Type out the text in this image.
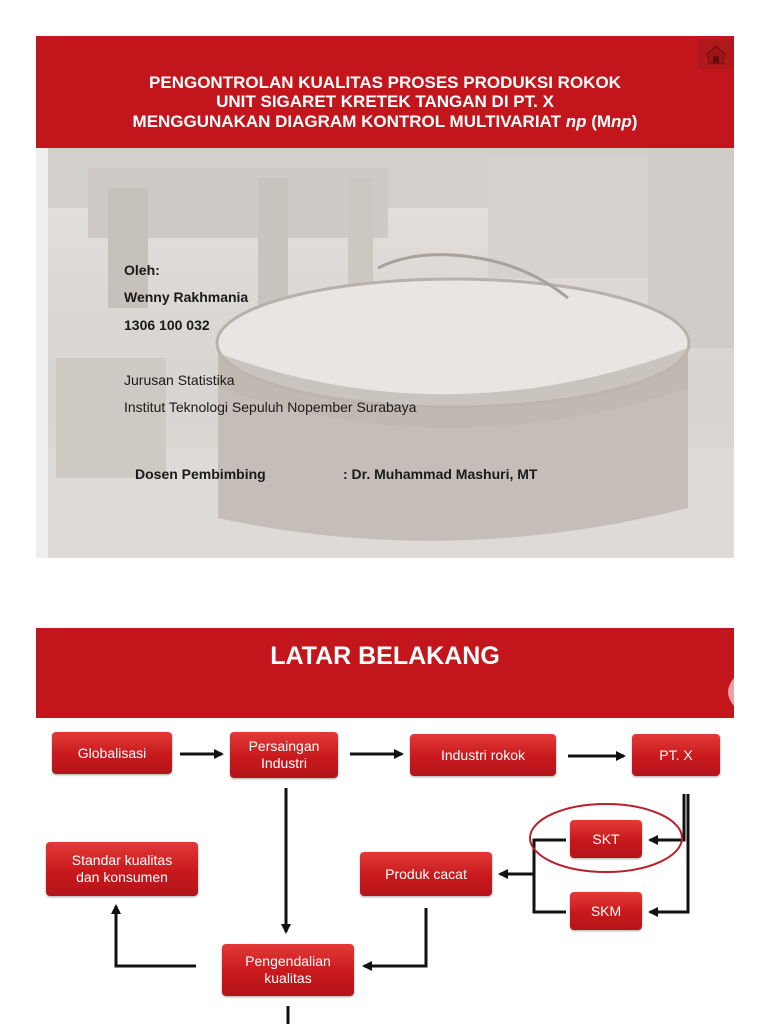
PENGONTROLAN KUALITAS PROSES PRODUKSI ROKOK
UNIT SIGARET KRETEK TANGAN DI PT. X
MENGGUNAKAN DIAGRAM KONTROL MULTIVARIAT np (Mnp)
Oleh:
Wenny Rakhmania
1306 100 032
Jurusan Statistika
Institut Teknologi Sepuluh Nopember Surabaya
Dosen Pembimbing	: Dr. Muhammad Mashuri, MT
LATAR BELAKANG
Globalisasi	Persaingan
Industri
Industri rokok	PT. X
SKT
SKM
Produk cacat
Standar kualitas
dan konsumen
Pengendalian
kualitas
